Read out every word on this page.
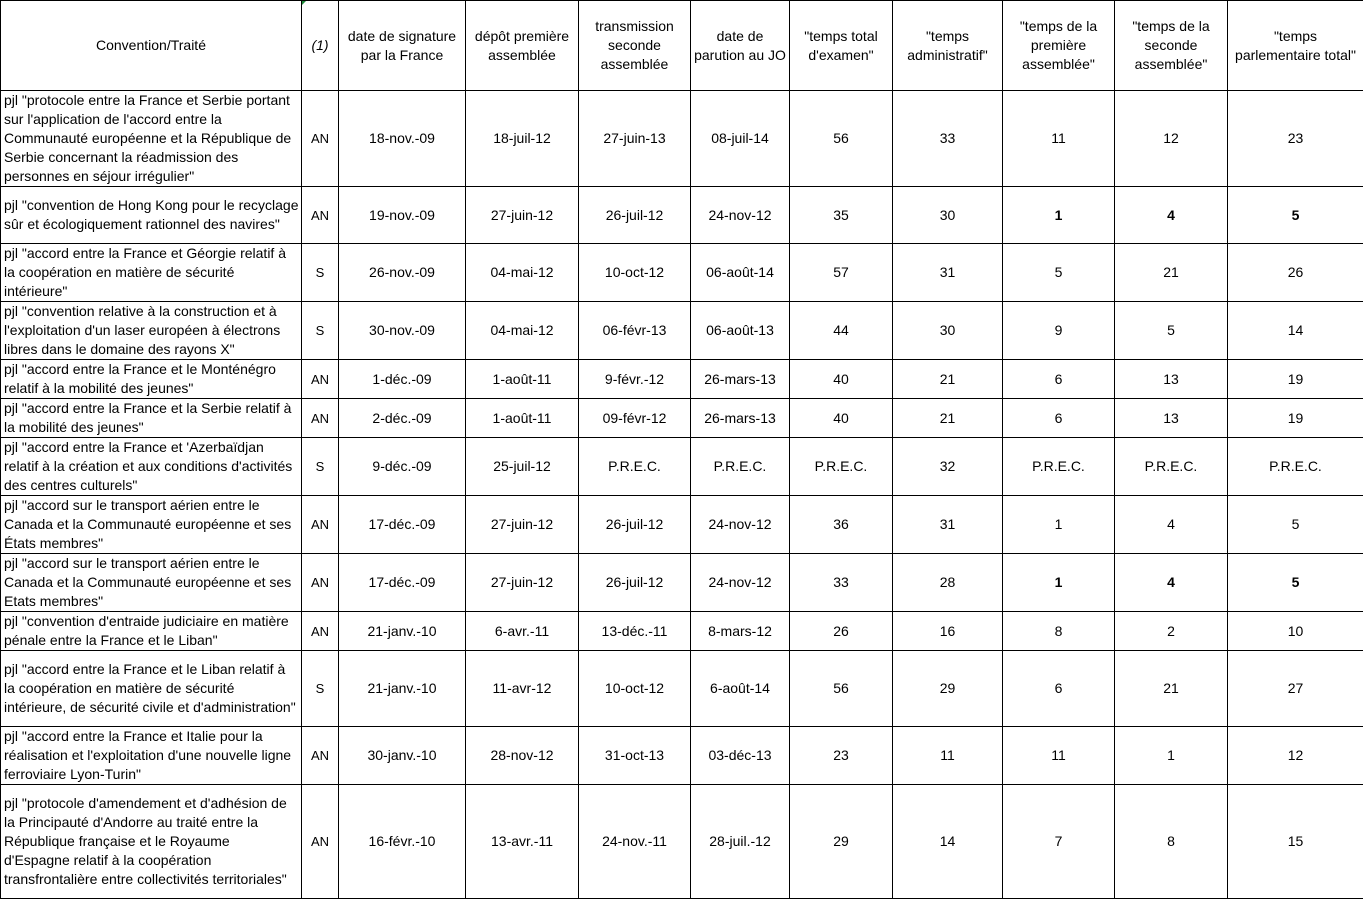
Convention/Traité	(1)	date de signature par la France	dépôt première assemblée	transmission seconde assemblée	date de parution au JO	"temps total d'examen"	"temps administratif"	"temps de la première assemblée"	"temps de la seconde assemblée"	"temps parlementaire total"
pjl "protocole entre la France et Serbie portant sur l'application de l'accord entre la Communauté européenne et la République de Serbie concernant la réadmission des personnes en séjour irrégulier"	AN	18-nov.-09	18-juil-12	27-juin-13	08-juil-14	56	33	11	12	23
pjl "convention de Hong Kong pour le recyclage sûr et écologiquement rationnel des navires"	AN	19-nov.-09	27-juin-12	26-juil-12	24-nov-12	35	30	1	4	5
pjl "accord entre la France et Géorgie relatif à la coopération en matière de sécurité intérieure"	S	26-nov.-09	04-mai-12	10-oct-12	06-août-14	57	31	5	21	26
pjl "convention relative à la construction et à l'exploitation d'un laser européen à électrons libres dans le domaine des rayons X"	S	30-nov.-09	04-mai-12	06-févr-13	06-août-13	44	30	9	5	14
pjl "accord entre la France et le Monténégro relatif à la mobilité des jeunes"	AN	1-déc.-09	1-août-11	9-févr.-12	26-mars-13	40	21	6	13	19
pjl "accord entre la France et la Serbie relatif à la mobilité des jeunes"	AN	2-déc.-09	1-août-11	09-févr-12	26-mars-13	40	21	6	13	19
pjl "accord entre la France et 'Azerbaïdjan relatif à la création et aux conditions d'activités des centres culturels"	S	9-déc.-09	25-juil-12	P.R.E.C.	P.R.E.C.	P.R.E.C.	32	P.R.E.C.	P.R.E.C.	P.R.E.C.
pjl "accord sur le transport aérien entre le Canada et la Communauté européenne et ses États membres"	AN	17-déc.-09	27-juin-12	26-juil-12	24-nov-12	36	31	1	4	5
pjl "accord sur le transport aérien entre le Canada et la Communauté européenne et ses Etats membres"	AN	17-déc.-09	27-juin-12	26-juil-12	24-nov-12	33	28	1	4	5
pjl "convention d'entraide judiciaire en matière pénale entre la France et le Liban"	AN	21-janv.-10	6-avr.-11	13-déc.-11	8-mars-12	26	16	8	2	10
pjl "accord entre la France et le Liban relatif à la coopération en matière de sécurité intérieure, de sécurité civile et d'administration"	S	21-janv.-10	11-avr-12	10-oct-12	6-août-14	56	29	6	21	27
pjl "accord entre la France et Italie pour la réalisation et l'exploitation d'une nouvelle ligne ferroviaire Lyon-Turin"	AN	30-janv.-10	28-nov-12	31-oct-13	03-déc-13	23	11	11	1	12
pjl "protocole d'amendement et d'adhésion de la Principauté d'Andorre au traité entre la République française et le Royaume d'Espagne relatif à la coopération transfrontalière entre collectivités territoriales"	AN	16-févr.-10	13-avr.-11	24-nov.-11	28-juil.-12	29	14	7	8	15
